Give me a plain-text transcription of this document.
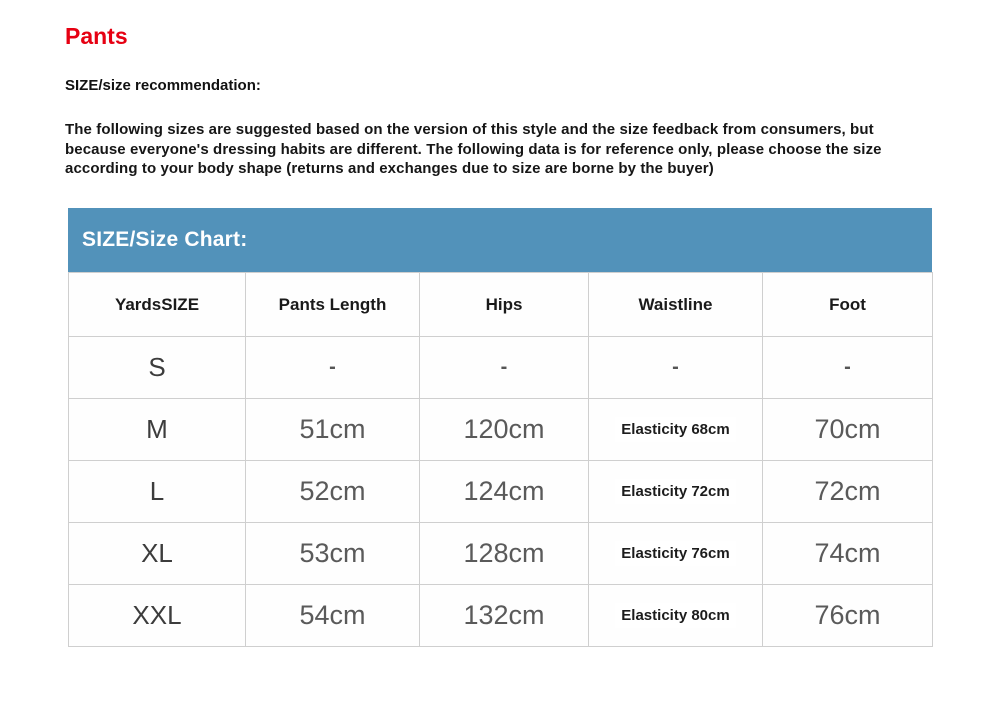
Pants
SIZE/size recommendation:
The following sizes are suggested based on the version of this style and the size feedback from consumers, but because everyone's dressing habits are different. The following data is for reference only, please choose the size according to your body shape (returns and exchanges due to size are borne by the buyer)
SIZE/Size Chart:
YardsSIZE	Pants Length	Hips	Waistline	Foot
S	-	-	-	-
M	51cm	120cm	Elasticity 68cm	70cm
L	52cm	124cm	Elasticity 72cm	72cm
XL	53cm	128cm	Elasticity 76cm	74cm
XXL	54cm	132cm	Elasticity 80cm	76cm
